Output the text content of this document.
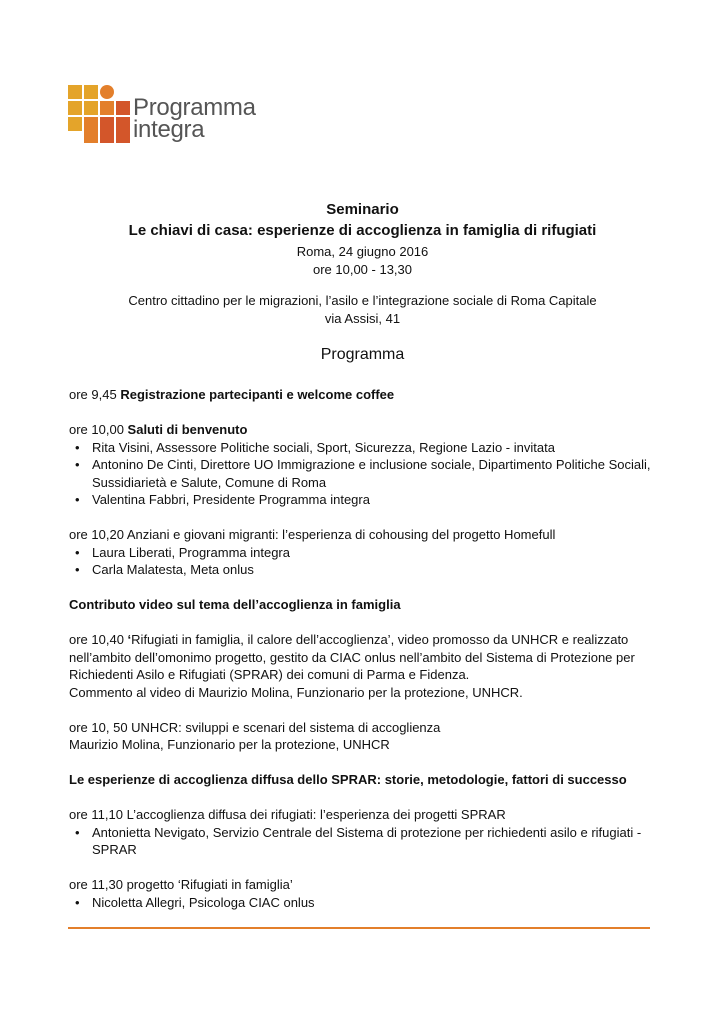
Programma
integra
Seminario
Le chiavi di casa: esperienze di accoglienza in famiglia di rifugiati
Roma, 24 giugno 2016
ore 10,00 - 13,30
Centro cittadino per le migrazioni, l’asilo e l’integrazione sociale di Roma Capitale
via Assisi, 41
Programma

ore 9,45 Registrazione partecipanti e welcome coffee

ore 10,00 Saluti di benvenuto

• Rita Visini, Assessore Politiche sociali, Sport, Sicurezza, Regione Lazio - invitata
• Antonino De Cinti, Direttore UO Immigrazione e inclusione sociale, Dipartimento Politiche Sociali, Sussidiarietà e Salute, Comune di Roma
• Valentina Fabbri, Presidente Programma integra

ore 10,20 Anziani e giovani migranti: l’esperienza di cohousing del progetto Homefull

• Laura Liberati, Programma integra
• Carla Malatesta, Meta onlus

Contributo video sul tema dell’accoglienza in famiglia

ore 10,40 ‘Rifugiati in famiglia, il calore dell’accoglienza’, video promosso da UNHCR e realizzato nell’ambito dell’omonimo progetto, gestito da CIAC onlus nell’ambito del Sistema di Protezione per Richiedenti Asilo e Rifugiati (SPRAR) dei comuni di Parma e Fidenza.

Commento al video di Maurizio Molina, Funzionario per la protezione, UNHCR.

ore 10, 50 UNHCR: sviluppi e scenari del sistema di accoglienza

Maurizio Molina, Funzionario per la protezione, UNHCR

Le esperienze di accoglienza diffusa dello SPRAR: storie, metodologie, fattori di successo

ore 11,10 L’accoglienza diffusa dei rifugiati: l’esperienza dei progetti SPRAR

• Antonietta Nevigato, Servizio Centrale del Sistema di protezione per richiedenti asilo e rifugiati - SPRAR

ore 11,30 progetto ‘Rifugiati in famiglia’

• Nicoletta Allegri, Psicologa CIAC onlus
